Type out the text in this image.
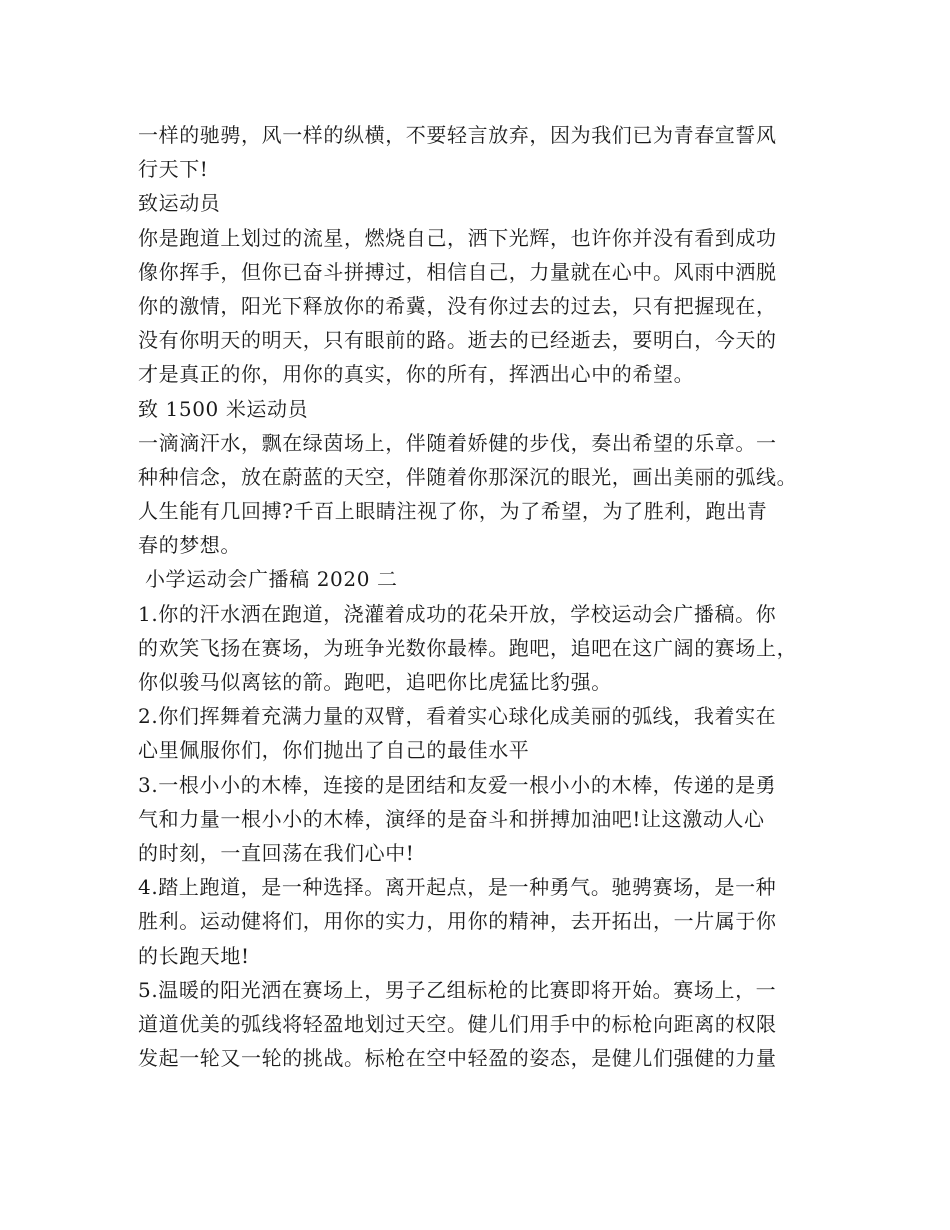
一样的驰骋，风一样的纵横，不要轻言放弃，因为我们已为青春宣誓风
行天下!
致运动员
你是跑道上划过的流星，燃烧自己，洒下光辉，也许你并没有看到成功
像你挥手，但你已奋斗拼搏过，相信自己，力量就在心中。风雨中洒脱
你的激情，阳光下释放你的希冀，没有你过去的过去，只有把握现在，
没有你明天的明天，只有眼前的路。逝去的已经逝去，要明白，今天的
才是真正的你，用你的真实，你的所有，挥洒出心中的希望。
致 1500 米运动员
一滴滴汗水，飘在绿茵场上，伴随着娇健的步伐，奏出希望的乐章。一
种种信念，放在蔚蓝的天空，伴随着你那深沉的眼光，画出美丽的弧线。
人生能有几回搏?千百上眼睛注视了你，为了希望，为了胜利，跑出青
春的梦想。
小学运动会广播稿 2020 二
1.你的汗水洒在跑道，浇灌着成功的花朵开放，学校运动会广播稿。你
的欢笑飞扬在赛场，为班争光数你最棒。跑吧，追吧在这广阔的赛场上，
你似骏马似离铉的箭。跑吧，追吧你比虎猛比豹强。
2.你们挥舞着充满力量的双臂，看着实心球化成美丽的弧线，我着实在
心里佩服你们，你们抛出了自己的最佳水平
3.一根小小的木棒，连接的是团结和友爱一根小小的木棒，传递的是勇
气和力量一根小小的木棒，演绎的是奋斗和拼搏加油吧!让这激动人心
的时刻，一直回荡在我们心中!
4.踏上跑道，是一种选择。离开起点，是一种勇气。驰骋赛场，是一种
胜利。运动健将们，用你的实力，用你的精神，去开拓出，一片属于你
的长跑天地!
5.温暖的阳光洒在赛场上，男子乙组标枪的比赛即将开始。赛场上，一
道道优美的弧线将轻盈地划过天空。健儿们用手中的标枪向距离的权限
发起一轮又一轮的挑战。标枪在空中轻盈的姿态，是健儿们强健的力量
